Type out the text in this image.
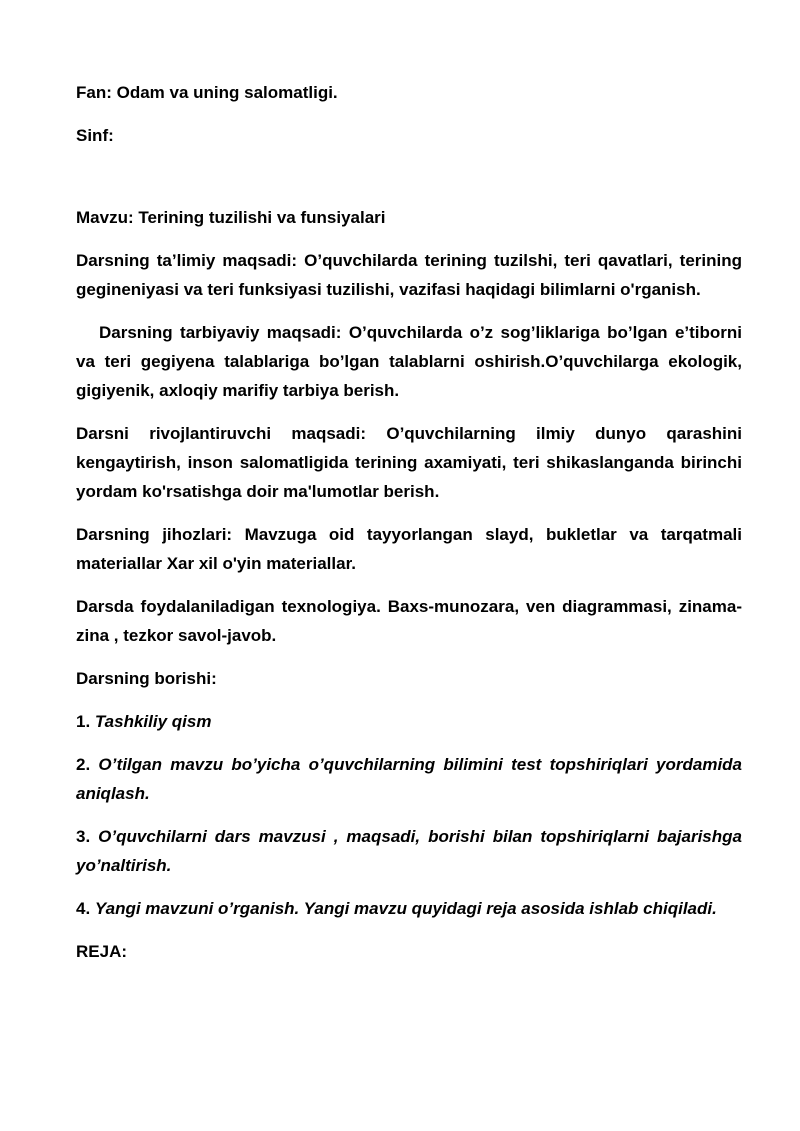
Fan: Odam va uning salomatligi.

Sinf:

Mavzu: Terining tuzilishi va funsiyalari

Darsning ta’limiy maqsadi: O’quvchilarda terining tuzilshi, teri qavatlari, terining gegineniyasi va teri funksiyasi tuzilishi, vazifasi haqidagi bilimlarni o'rganish.

Darsning tarbiyaviy maqsadi: O’quvchilarda o’z sog’liklariga bo’lgan e’tiborni va teri gegiyena talablariga bo’lgan talablarni oshirish.O’quvchilarga ekologik, gigiyenik, axloqiy marifiy tarbiya berish.

Darsni rivojlantiruvchi maqsadi: O’quvchilarning ilmiy dunyo qarashini kengaytirish, inson salomatligida terining axamiyati, teri shikaslanganda birinchi yordam ko'rsatishga doir ma'lumotlar berish.

Darsning jihozlari: Mavzuga oid tayyorlangan slayd, bukletlar va tarqatmali materiallar Xar xil o'yin materiallar.

Darsda foydalaniladigan texnologiya. Baxs-munozara, ven diagrammasi, zinama-zina , tezkor savol-javob.

Darsning borishi:

1. Tashkiliy qism

2. O’tilgan mavzu bo’yicha o’quvchilarning bilimini test topshiriqlari yordamida aniqlash.

3. O’quvchilarni dars mavzusi , maqsadi, borishi bilan topshiriqlarni bajarishga yo’naltirish.

4. Yangi mavzuni o’rganish. Yangi mavzu quyidagi reja asosida ishlab chiqiladi.

REJA:
